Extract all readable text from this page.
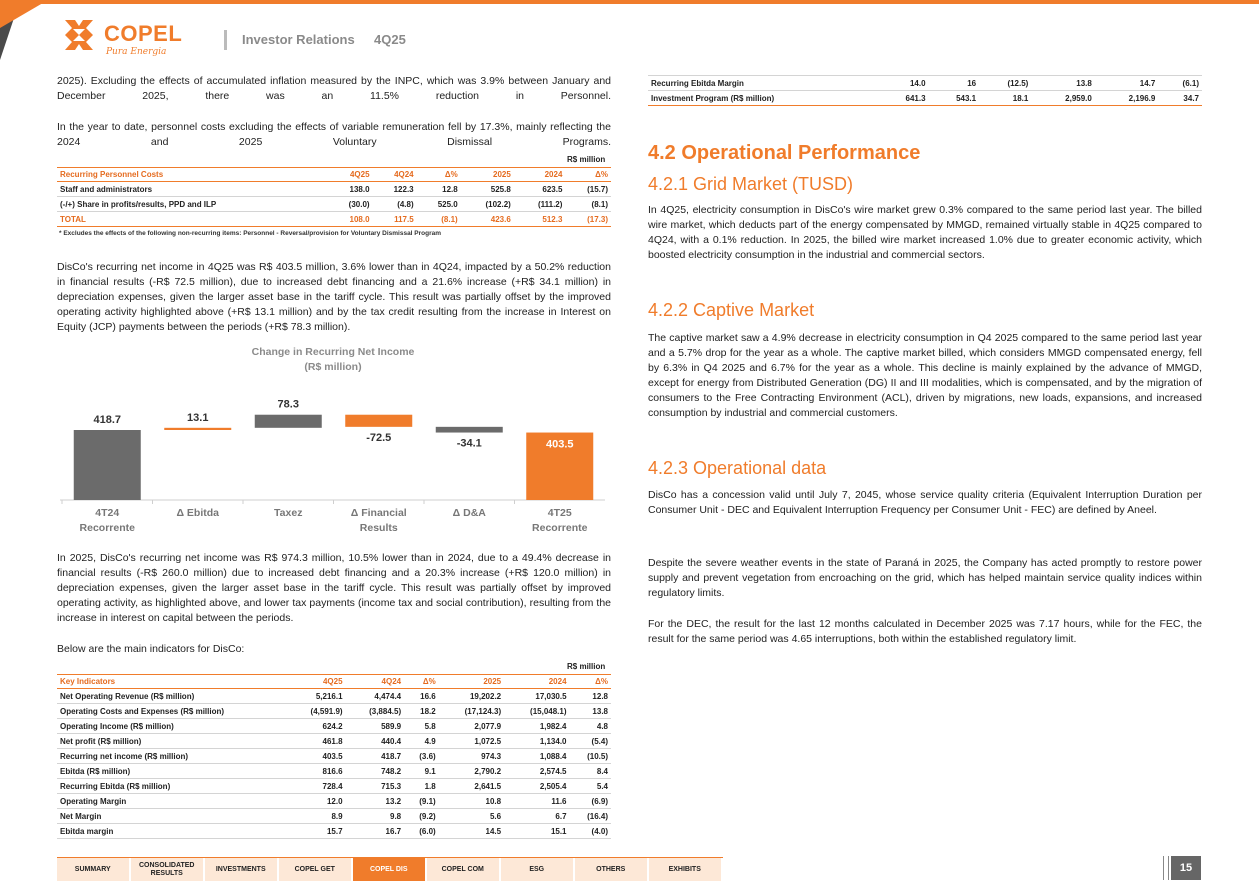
COPEL
Pura Energia
Investor Relations 4Q25
2025). Excluding the effects of accumulated inflation measured by the INPC, which was 3.9% between January and December 2025, there was an 11.5% reduction in Personnel.
In the year to date, personnel costs excluding the effects of variable remuneration fell by 17.3%, mainly reflecting the 2024 and 2025 Voluntary Dismissal Programs.
R$ million
Recurring Personnel Costs	4Q25	4Q24	Δ%	2025	2024	Δ%
Staff and administrators	138.0	122.3	12.8	525.8	623.5	(15.7)
(-/+) Share in profits/results, PPD and ILP	(30.0)	(4.8)	525.0	(102.2)	(111.2)	(8.1)
TOTAL	108.0	117.5	(8.1)	423.6	512.3	(17.3)
* Excludes the effects of the following non-recurring items: Personnel - Reversal/provision for Voluntary Dismissal Program
DisCo's recurring net income in 4Q25 was R$ 403.5 million, 3.6% lower than in 4Q24, impacted by a 50.2% reduction in financial results (-R$ 72.5 million), due to increased debt financing and a 21.6% increase (+R$ 34.1 million) in depreciation expenses, given the larger asset base in the tariff cycle. This result was partially offset by the improved operating activity highlighted above (+R$ 13.1 million) and by the tax credit resulting from the increase in Interest on Equity (JCP) payments between the periods (+R$ 78.3 million).
Change in Recurring Net Income
(R$ million)
418.7
4T24
Recorrente
13.1
Δ Ebitda
78.3
Taxez
-72.5
Δ Financial
Results
-34.1
Δ D&A
403.5
4T25
Recorrente
In 2025, DisCo's recurring net income was R$ 974.3 million, 10.5% lower than in 2024, due to a 49.4% decrease in financial results (-R$ 260.0 million) due to increased debt financing and a 20.3% increase (+R$ 120.0 million) in depreciation expenses, given the larger asset base in the tariff cycle. This result was partially offset by improved operating activity, as highlighted above, and lower tax payments (income tax and social contribution), resulting from the increase in interest on capital between the periods.
Below are the main indicators for DisCo:
R$ million
Key Indicators	4Q25	4Q24	Δ%	2025	2024	Δ%
Net Operating Revenue (R$ million)	5,216.1	4,474.4	16.6	19,202.2	17,030.5	12.8
Operating Costs and Expenses (R$ million)	(4,591.9)	(3,884.5)	18.2	(17,124.3)	(15,048.1)	13.8
Operating Income (R$ million)	624.2	589.9	5.8	2,077.9	1,982.4	4.8
Net profit (R$ million)	461.8	440.4	4.9	1,072.5	1,134.0	(5.4)
Recurring net income (R$ million)	403.5	418.7	(3.6)	974.3	1,088.4	(10.5)
Ebitda (R$ million)	816.6	748.2	9.1	2,790.2	2,574.5	8.4
Recurring Ebitda (R$ million)	728.4	715.3	1.8	2,641.5	2,505.4	5.4
Operating Margin	12.0	13.2	(9.1)	10.8	11.6	(6.9)
Net Margin	8.9	9.8	(9.2)	5.6	6.7	(16.4)
Ebitda margin	15.7	16.7	(6.0)	14.5	15.1	(4.0)
Recurring Ebitda Margin	14.0	16	(12.5)	13.8	14.7	(6.1)
Investment Program (R$ million)	641.3	543.1	18.1	2,959.0	2,196.9	34.7
4.2 Operational Performance
4.2.1 Grid Market (TUSD)
In 4Q25, electricity consumption in DisCo's wire market grew 0.3% compared to the same period last year. The billed wire market, which deducts part of the energy compensated by MMGD, remained virtually stable in 4Q25 compared to 4Q24, with a 0.1% reduction. In 2025, the billed wire market increased 1.0% due to greater economic activity, which boosted electricity consumption in the industrial and commercial sectors.
4.2.2 Captive Market
The captive market saw a 4.9% decrease in electricity consumption in Q4 2025 compared to the same period last year and a 5.7% drop for the year as a whole. The captive market billed, which considers MMGD compensated energy, fell by 6.3% in Q4 2025 and 6.7% for the year as a whole. This decline is mainly explained by the advance of MMGD, except for energy from Distributed Generation (DG) II and III modalities, which is compensated, and by the migration of consumers to the Free Contracting Environment (ACL), driven by migrations, new loads, expansions, and increased consumption by industrial and commercial customers.
4.2.3 Operational data
DisCo has a concession valid until July 7, 2045, whose service quality criteria (Equivalent Interruption Duration per Consumer Unit - DEC and Equivalent Interruption Frequency per Consumer Unit - FEC) are defined by Aneel.
Despite the severe weather events in the state of Paraná in 2025, the Company has acted promptly to restore power supply and prevent vegetation from encroaching on the grid, which has helped maintain service quality indices within regulatory limits.
For the DEC, the result for the last 12 months calculated in December 2025 was 7.17 hours, while for the FEC, the result for the same period was 4.65 interruptions, both within the established regulatory limit.
SUMMARY
CONSOLIDATED RESULTS
INVESTMENTS	COPEL GET	COPEL DIS	COPEL COM	ESG	OTHERS	EXHIBITS	15
